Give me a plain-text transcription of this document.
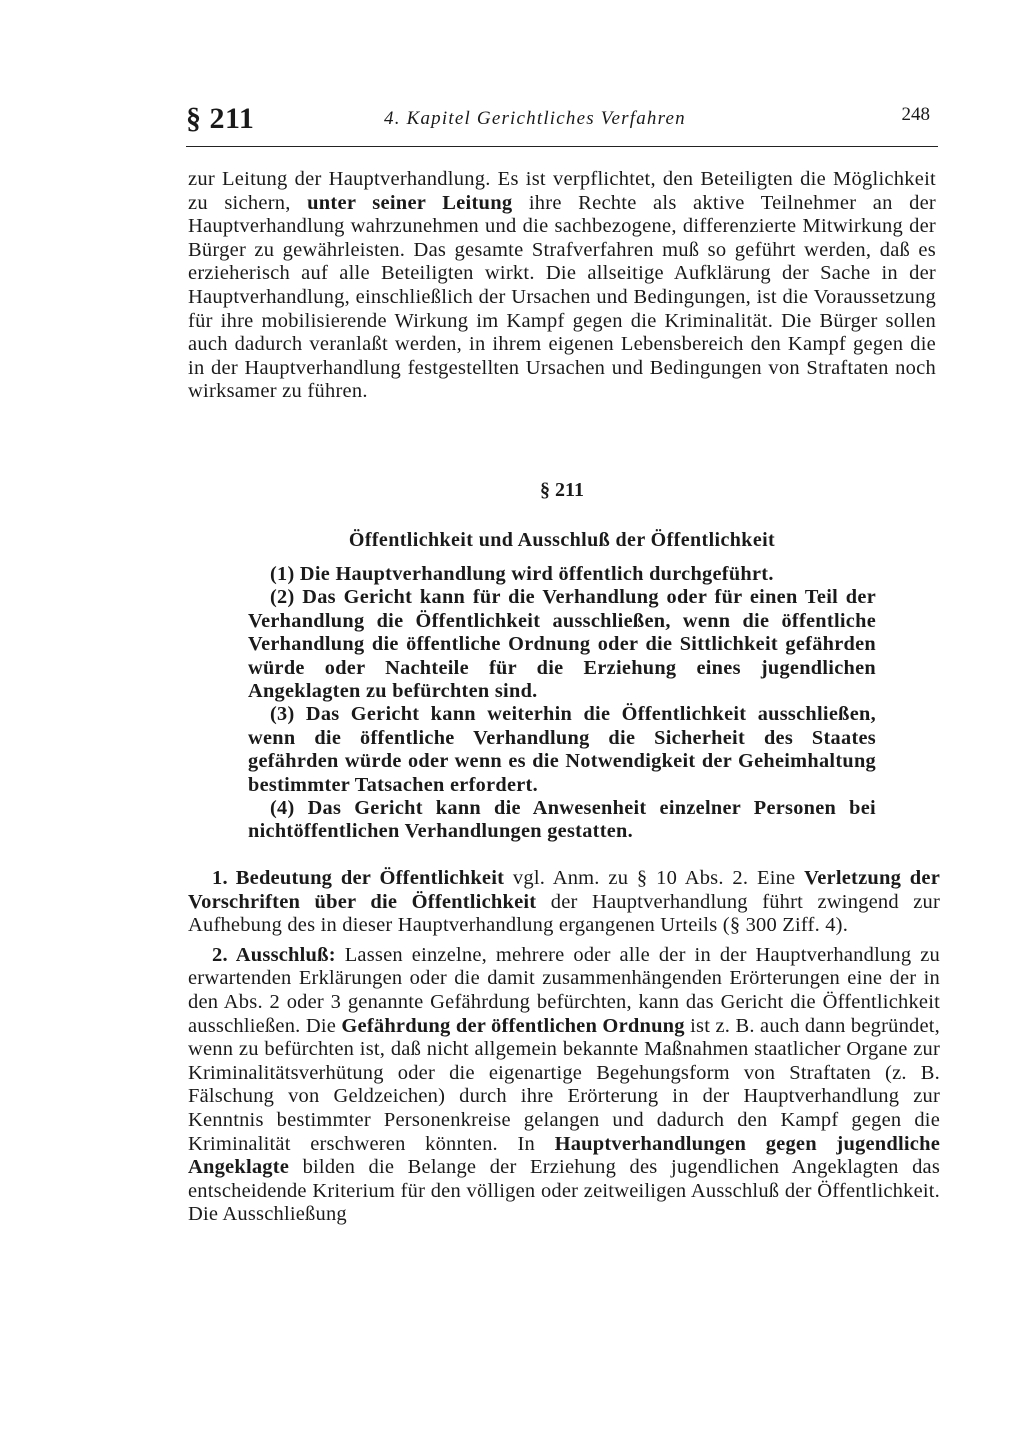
§ 211	4. Kapitel Gerichtliches Verfahren	248
zur Leitung der Hauptverhandlung. Es ist verpflichtet, den Beteiligten die Möglichkeit zu sichern, unter seiner Leitung ihre Rechte als aktive Teilnehmer an der Hauptverhandlung wahrzunehmen und die sachbezogene, differenzierte Mitwirkung der Bürger zu gewährleisten. Das gesamte Strafverfahren muß so geführt werden, daß es erzieherisch auf alle Beteiligten wirkt. Die allseitige Aufklärung der Sache in der Hauptverhandlung, einschließlich der Ursachen und Bedingungen, ist die Voraussetzung für ihre mobilisierende Wirkung im Kampf gegen die Kriminalität. Die Bürger sollen auch dadurch veranlaßt werden, in ihrem eigenen Lebensbereich den Kampf gegen die in der Hauptverhandlung festgestellten Ursachen und Bedingungen von Straftaten noch wirksamer zu führen.
§ 211
Öffentlichkeit und Ausschluß der Öffentlichkeit

(1) Die Hauptverhandlung wird öffentlich durchgeführt.

(2) Das Gericht kann für die Verhandlung oder für einen Teil der Verhandlung die Öffentlichkeit ausschließen, wenn die öffentliche Verhandlung die öffentliche Ordnung oder die Sittlichkeit gefährden würde oder Nachteile für die Erziehung eines jugendlichen Angeklagten zu befürchten sind.

(3) Das Gericht kann weiterhin die Öffentlichkeit ausschließen, wenn die öffentliche Verhandlung die Sicherheit des Staates gefährden würde oder wenn es die Notwendigkeit der Geheimhaltung bestimmter Tatsachen erfordert.

(4) Das Gericht kann die Anwesenheit einzelner Personen bei nichtöffentlichen Verhandlungen gestatten.

1. Bedeutung der Öffentlichkeit vgl. Anm. zu § 10 Abs. 2. Eine Verletzung der Vorschriften über die Öffentlichkeit der Hauptverhandlung führt zwingend zur Aufhebung des in dieser Hauptverhandlung ergangenen Urteils (§ 300 Ziff. 4).

2. Ausschluß: Lassen einzelne, mehrere oder alle der in der Hauptverhandlung zu erwartenden Erklärungen oder die damit zusammenhängenden Erörterungen eine der in den Abs. 2 oder 3 genannte Gefährdung befürchten, kann das Gericht die Öffentlichkeit ausschließen. Die Gefährdung der öffentlichen Ordnung ist z. B. auch dann begründet, wenn zu befürchten ist, daß nicht allgemein bekannte Maßnahmen staatlicher Organe zur Kriminalitätsverhütung oder die eigenartige Begehungsform von Straftaten (z. B. Fälschung von Geldzeichen) durch ihre Erörterung in der Hauptverhandlung zur Kenntnis bestimmter Personenkreise gelangen und dadurch den Kampf gegen die Kriminalität erschweren könnten. In Hauptverhandlungen gegen jugendliche Angeklagte bilden die Belange der Erziehung des jugendlichen Angeklagten das entscheidende Kriterium für den völligen oder zeitweiligen Ausschluß der Öffentlichkeit. Die Ausschließung
